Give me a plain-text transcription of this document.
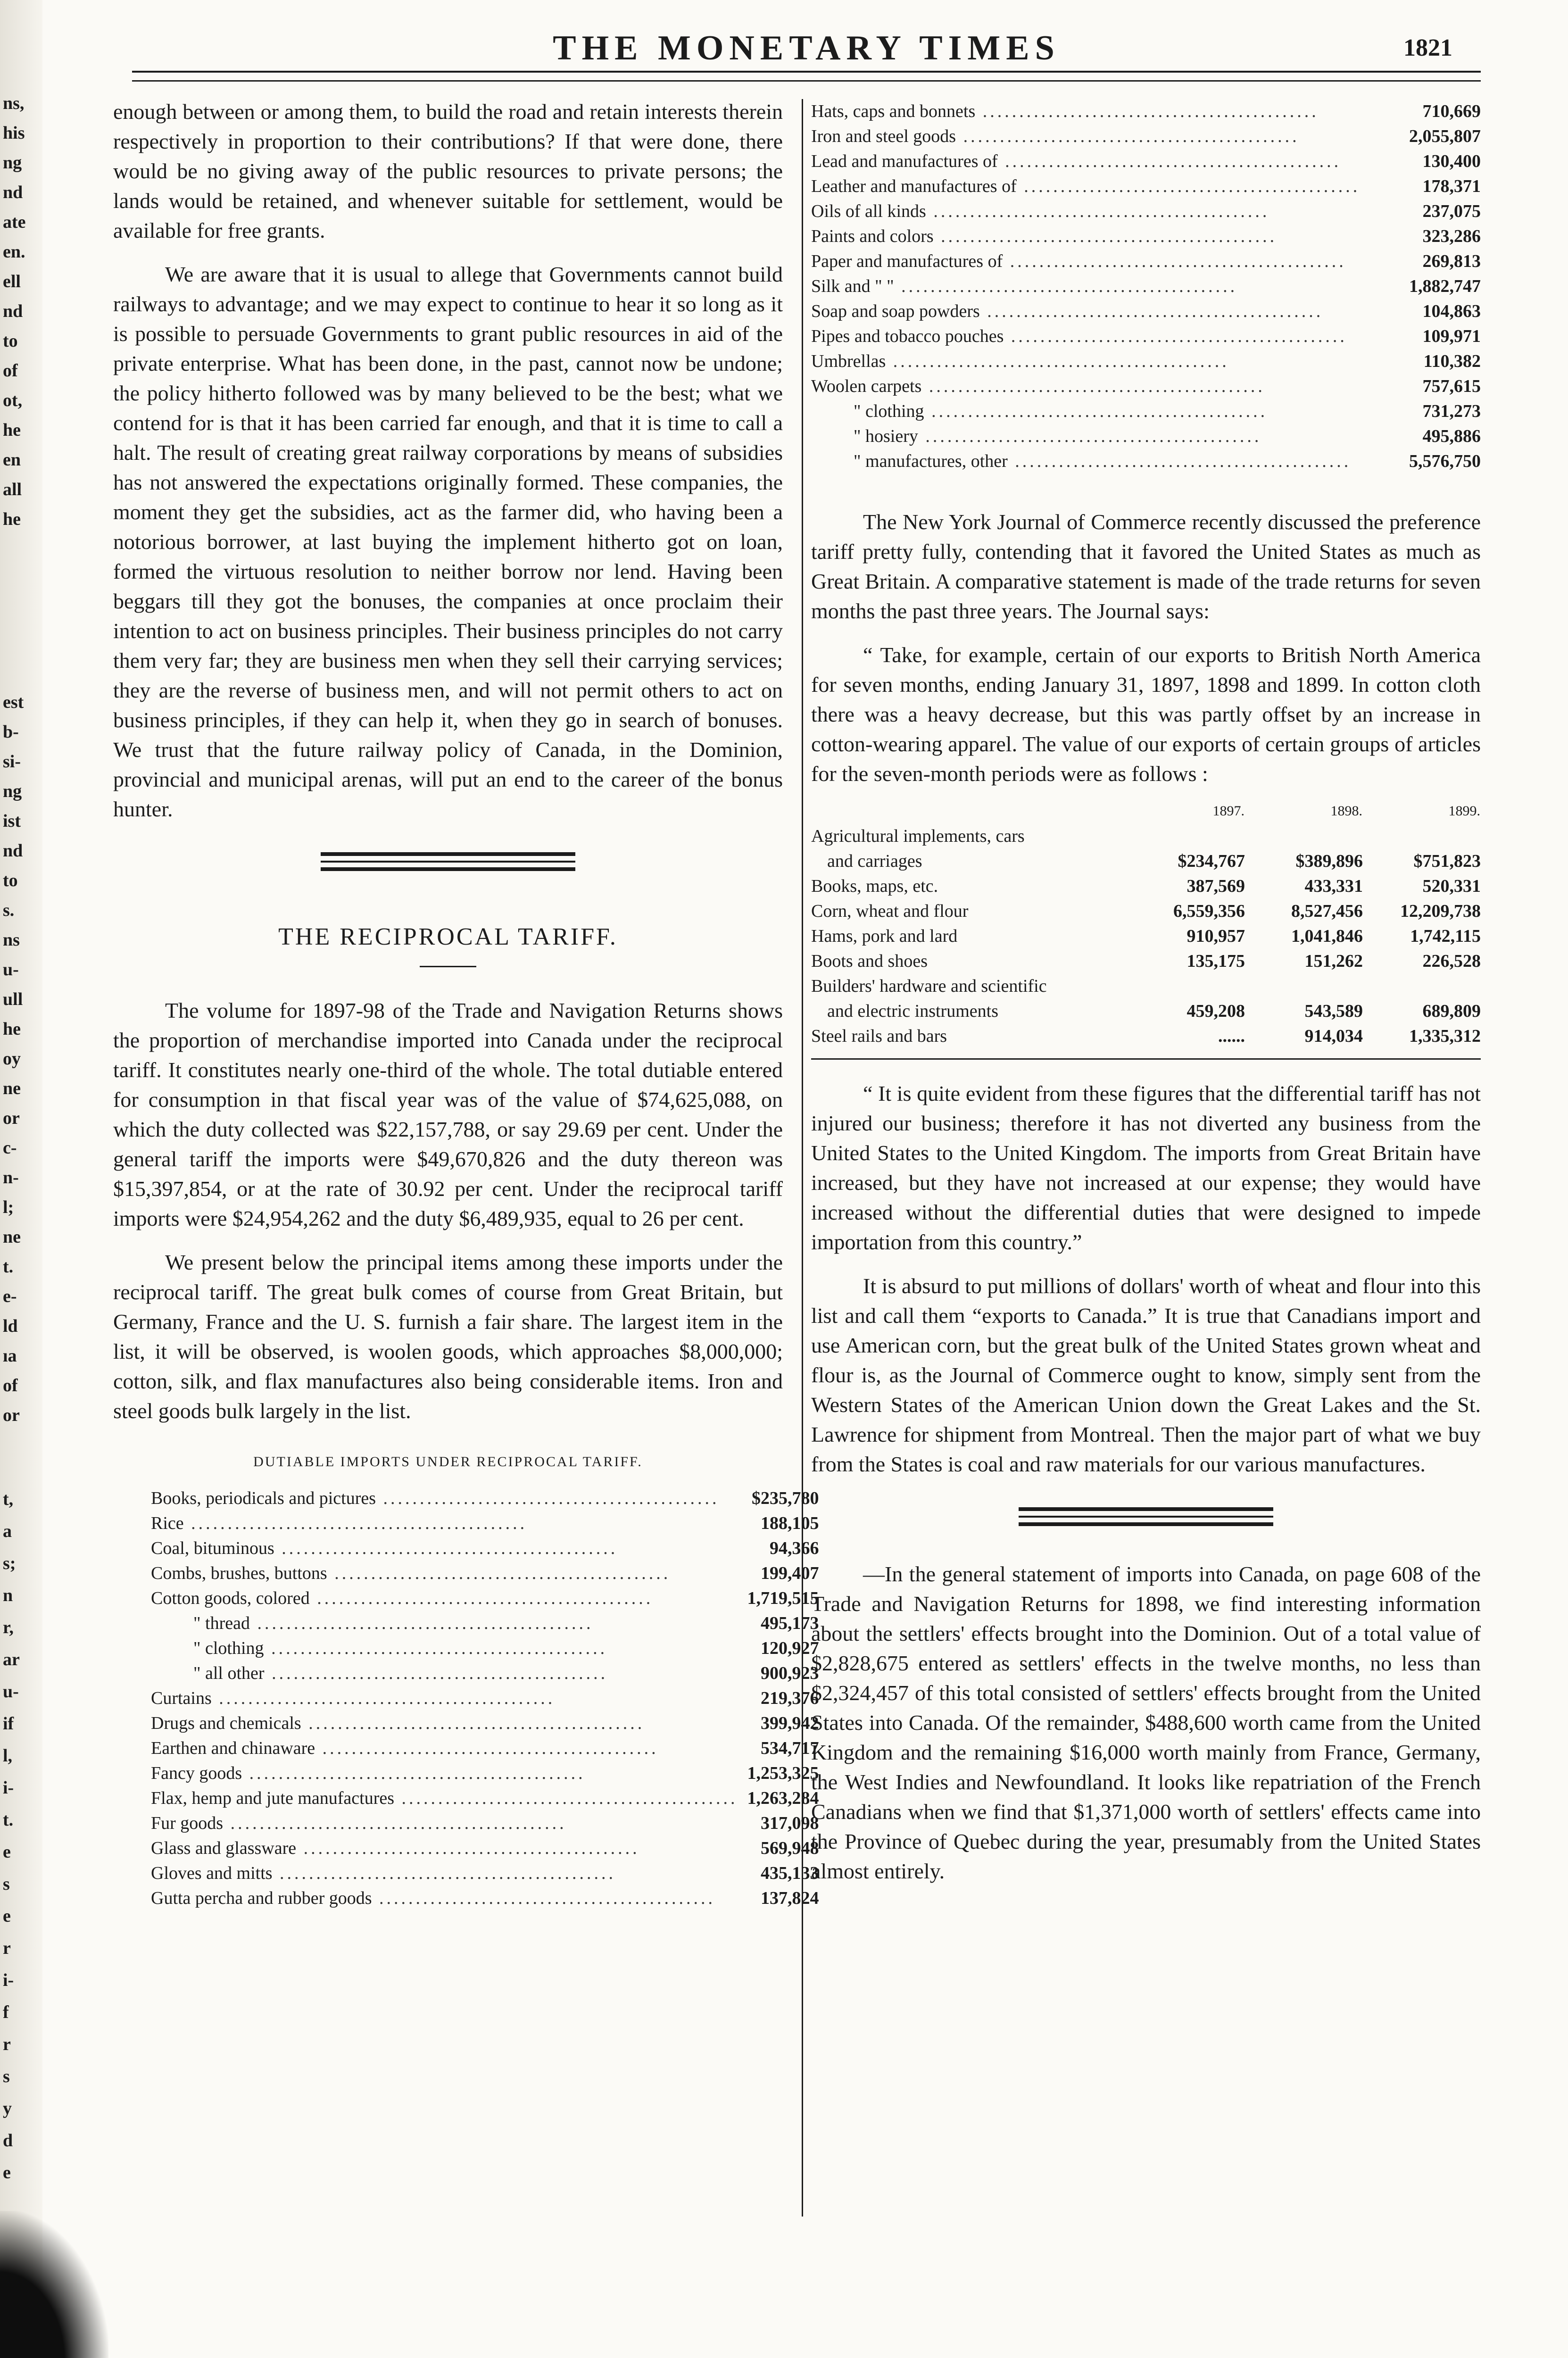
ns,
his
ng
nd
ate
en.
ell
nd
to
of
ot,
he
en
all
he
est
b-
si-
ng
ist
nd
to
s.
ns
u-
ull
he
oy
ne
or
c-
n-
l;
ne
t.
e-
ld
ıa
of
or
t,
a
s;
n
r,
ar
u-
if
l,
i-
t.
e
s
e
r
i-
f
r
s
y
d
e
THE MONETARY TIMES	1821

enough between or among them, to build the road and retain interests therein respectively in proportion to their contributions? If that were done, there would be no giving away of the public resources to private persons; the lands would be retained, and whenever suitable for settlement, would be available for free grants.

We are aware that it is usual to allege that Governments cannot build railways to advantage; and we may expect to continue to hear it so long as it is possible to persuade Governments to grant public resources in aid of the private enterprise. What has been done, in the past, cannot now be undone; the policy hitherto followed was by many believed to be the best; what we contend for is that it has been carried far enough, and that it is time to call a halt. The result of creating great railway corporations by means of subsidies has not answered the expectations originally formed. These companies, the moment they get the subsidies, act as the farmer did, who having been a notorious borrower, at last buying the implement hitherto got on loan, formed the virtuous resolution to neither borrow nor lend. Having been beggars till they got the bonuses, the companies at once proclaim their intention to act on business principles. Their business principles do not carry them very far; they are business men when they sell their carrying services; they are the reverse of business men, and will not permit others to act on business principles, if they can help it, when they go in search of bonuses. We trust that the future railway policy of Canada, in the Dominion, provincial and municipal arenas, will put an end to the career of the bonus hunter.

THE RECIPROCAL TARIFF.

The volume for 1897-98 of the Trade and Navigation Returns shows the proportion of merchandise imported into Canada under the reciprocal tariff. It constitutes nearly one-third of the whole. The total dutiable entered for consumption in that fiscal year was of the value of $74,625,088, on which the duty collected was $22,157,788, or say 29.69 per cent. Under the general tariff the imports were $49,670,826 and the duty thereon was $15,397,854, or at the rate of 30.92 per cent. Under the reciprocal tariff imports were $24,954,262 and the duty $6,489,935, equal to 26 per cent.

We present below the principal items among these imports under the reciprocal tariff. The great bulk comes of course from Great Britain, but Germany, France and the U. S. furnish a fair share. The largest item in the list, it will be observed, is woolen goods, which approaches $8,000,000; cotton, silk, and flax manufactures also being considerable items. Iron and steel goods bulk largely in the list.

DUTIABLE IMPORTS UNDER RECIPROCAL TARIFF.
Books, periodicals and pictures ..............................................	$235,780
Rice ..............................................	188,105
Coal, bituminous ..............................................	94,366
Combs, brushes, buttons ..............................................	199,407
Cotton goods, colored ..............................................	1,719,515
" thread ..............................................	495,173
" clothing ..............................................	120,927
" all other ..............................................	900,923
Curtains ..............................................	219,376
Drugs and chemicals ..............................................	399,942
Earthen and chinaware ..............................................	534,717
Fancy goods ..............................................	1,253,325
Flax, hemp and jute manufactures ..............................................	1,263,284
Fur goods ..............................................	317,098
Glass and glassware ..............................................	569,948
Gloves and mitts ..............................................	435,133
Gutta percha and rubber goods ..............................................	137,824
Hats, caps and bonnets ..............................................	710,669
Iron and steel goods ..............................................	2,055,807
Lead and manufactures of ..............................................	130,400
Leather and manufactures of ..............................................	178,371
Oils of all kinds ..............................................	237,075
Paints and colors ..............................................	323,286
Paper and manufactures of ..............................................	269,813
Silk and " " ..............................................	1,882,747
Soap and soap powders ..............................................	104,863
Pipes and tobacco pouches ..............................................	109,971
Umbrellas ..............................................	110,382
Woolen carpets ..............................................	757,615
" clothing ..............................................	731,273
" hosiery ..............................................	495,886
" manufactures, other ..............................................	5,576,750

The New York Journal of Commerce recently discussed the preference tariff pretty fully, contending that it favored the United States as much as Great Britain. A comparative statement is made of the trade returns for seven months the past three years. The Journal says:

“ Take, for example, certain of our exports to British North America for seven months, ending January 31, 1897, 1898 and 1899. In cotton cloth there was a heavy decrease, but this was partly offset by an increase in cotton-wearing apparel. The value of our exports of certain groups of articles for the seven-month periods were as follows :

	1897.	1898.	1899.
Agricultural implements, cars			
and carriages	$234,767	$389,896	$751,823
Books, maps, etc.	387,569	433,331	520,331
Corn, wheat and flour	6,559,356	8,527,456	12,209,738
Hams, pork and lard	910,957	1,041,846	1,742,115
Boots and shoes	135,175	151,262	226,528
Builders' hardware and scientific			
and electric instruments	459,208	543,589	689,809
Steel rails and bars	......	914,034	1,335,312

“ It is quite evident from these figures that the differential tariff has not injured our business; therefore it has not diverted any business from the United States to the United Kingdom. The imports from Great Britain have increased, but they have not increased at our expense; they would have increased without the differential duties that were designed to impede importation from this country.”

It is absurd to put millions of dollars' worth of wheat and flour into this list and call them “exports to Canada.” It is true that Canadians import and use American corn, but the great bulk of the United States grown wheat and flour is, as the Journal of Commerce ought to know, simply sent from the Western States of the American Union down the Great Lakes and the St. Lawrence for shipment from Montreal. Then the major part of what we buy from the States is coal and raw materials for our various manufactures.

—In the general statement of imports into Canada, on page 608 of the Trade and Navigation Returns for 1898, we find interesting information about the settlers' effects brought into the Dominion. Out of a total value of $2,828,675 entered as settlers' effects in the twelve months, no less than $2,324,457 of this total consisted of settlers' effects brought from the United States into Canada. Of the remainder, $488,600 worth came from the United Kingdom and the remaining $16,000 worth mainly from France, Germany, the West Indies and Newfoundland. It looks like repatriation of the French Canadians when we find that $1,371,000 worth of settlers' effects came into the Province of Quebec during the year, presumably from the United States almost entirely.
